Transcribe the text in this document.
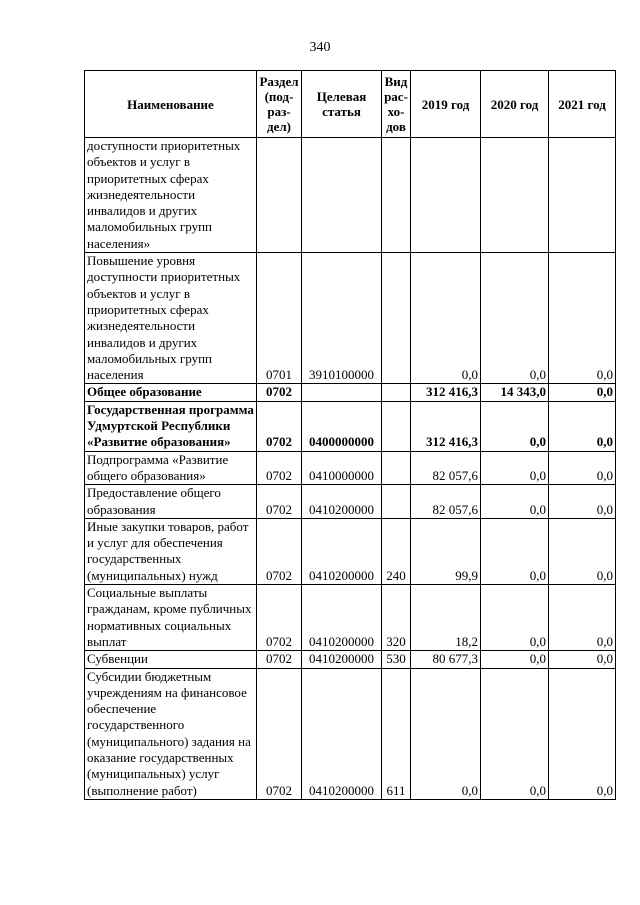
340
Наименование	Раздел (под-раз-дел)	Целевая статья	Вид рас-хо-дов	2019 год	2020 год	2021 год
доступности приоритетных объектов и услуг в приоритетных сферах жизнедеятельности инвалидов и других маломобильных групп населения»						
Повышение уровня доступности приоритетных объектов и услуг в приоритетных сферах жизнедеятельности инвалидов и других маломобильных групп населения	0701	3910100000		0,0	0,0	0,0
Общее образование	0702			312 416,3	14 343,0	0,0
Государственная программа Удмуртской Республики «Развитие образования»	0702	0400000000		312 416,3	0,0	0,0
Подпрограмма «Развитие общего образования»	0702	0410000000		82 057,6	0,0	0,0
Предоставление общего образования	0702	0410200000		82 057,6	0,0	0,0
Иные закупки товаров, работ и услуг для обеспечения государственных (муниципальных) нужд	0702	0410200000	240	99,9	0,0	0,0
Социальные выплаты гражданам, кроме публичных нормативных социальных выплат	0702	0410200000	320	18,2	0,0	0,0
Субвенции	0702	0410200000	530	80 677,3	0,0	0,0
Субсидии бюджетным учреждениям на финансовое обеспечение государственного (муниципального) задания на оказание государственных (муниципальных) услуг (выполнение работ)	0702	0410200000	611	0,0	0,0	0,0
